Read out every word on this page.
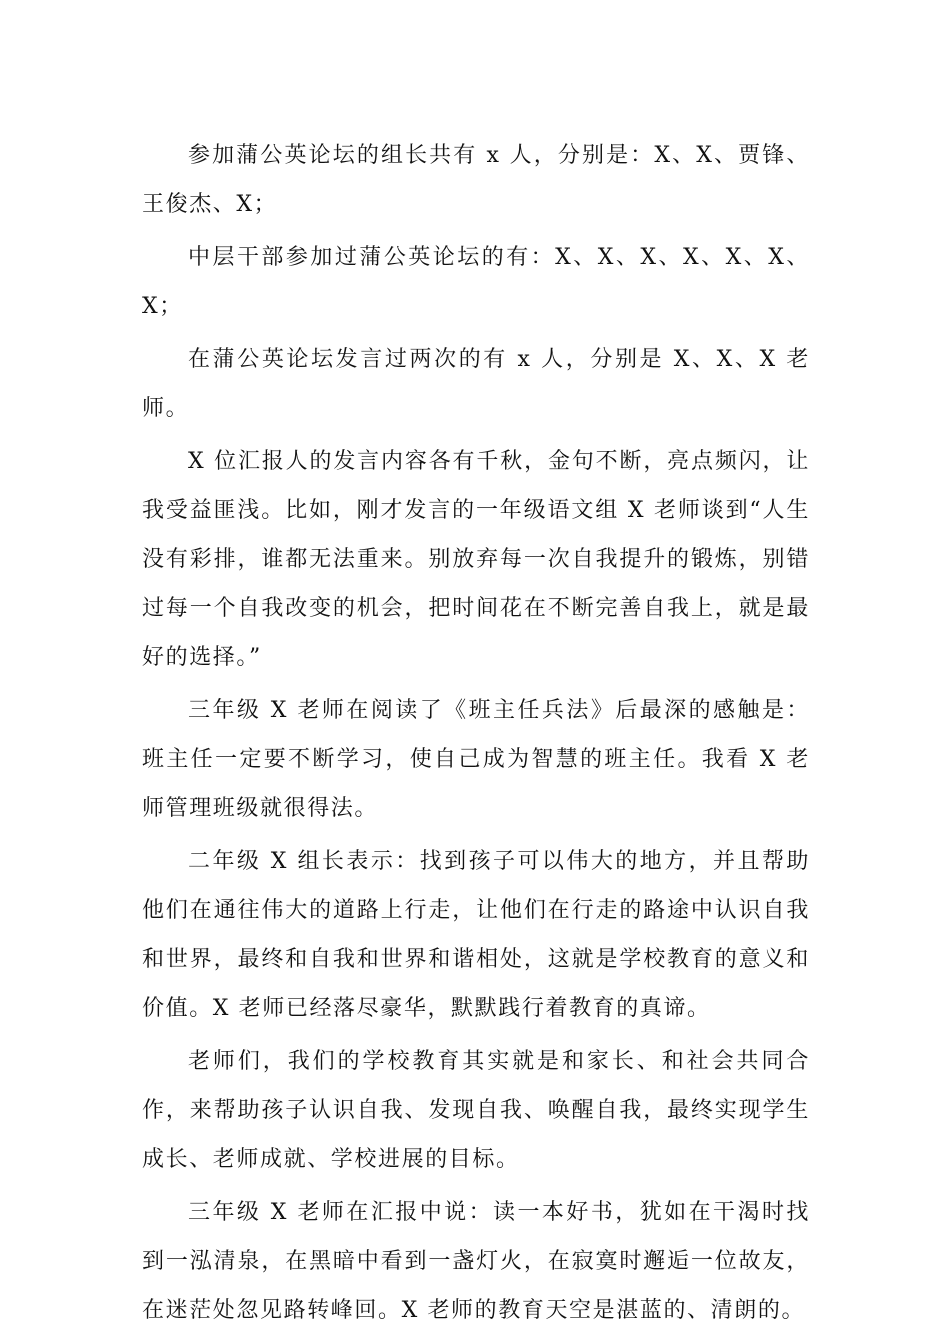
参加蒲公英论坛的组长共有 x 人，分别是：X、X、贾锋、王俊杰、X；

中层干部参加过蒲公英论坛的有：X、X、X、X、X、X、X；

在蒲公英论坛发言过两次的有 x 人，分别是 X、X、X 老师。

X 位汇报人的发言内容各有千秋，金句不断，亮点频闪，让我受益匪浅。比如，刚才发言的一年级语文组 X 老师谈到“人生没有彩排，谁都无法重来。别放弃每一次自我提升的锻炼，别错过每一个自我改变的机会，把时间花在不断完善自我上，就是最好的选择。”

三年级 X 老师在阅读了《班主任兵法》后最深的感触是：班主任一定要不断学习，使自己成为智慧的班主任。我看 X 老师管理班级就很得法。

二年级 X 组长表示：找到孩子可以伟大的地方，并且帮助他们在通往伟大的道路上行走，让他们在行走的路途中认识自我和世界，最终和自我和世界和谐相处，这就是学校教育的意义和价值。X 老师已经落尽豪华，默默践行着教育的真谛。

老师们，我们的学校教育其实就是和家长、和社会共同合作，来帮助孩子认识自我、发现自我、唤醒自我，最终实现学生成长、老师成就、学校进展的目标。

三年级 X 老师在汇报中说：读一本好书，犹如在干渴时找到一泓清泉，在黑暗中看到一盏灯火，在寂寞时邂逅一位故友，在迷茫处忽见路转峰回。X 老师的教育天空是湛蓝的、清朗的。
